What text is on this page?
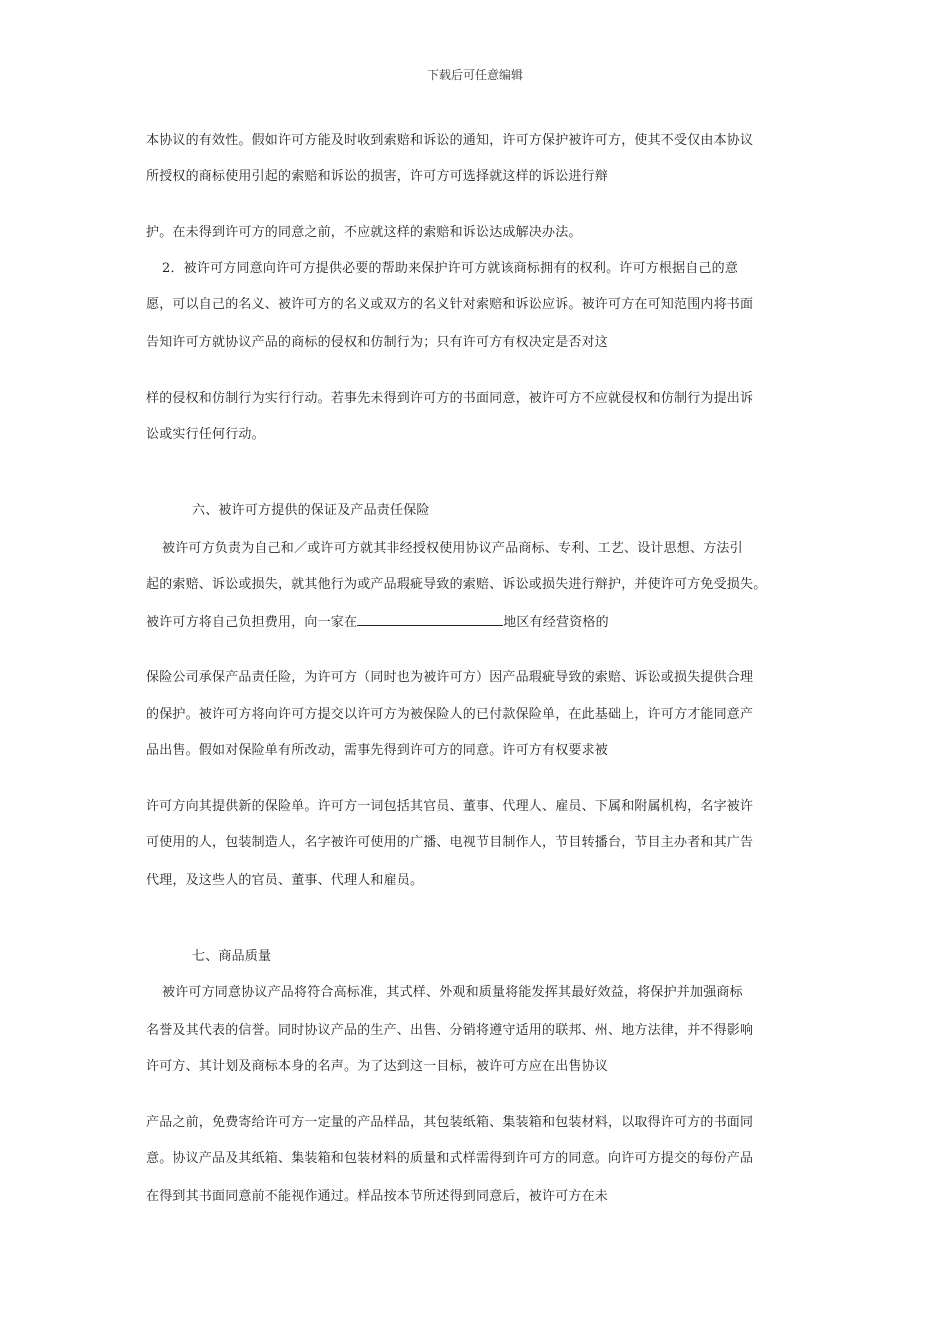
下载后可任意编辑
本协议的有效性。假如许可方能及时收到索赔和诉讼的通知，许可方保护被许可方，使其不受仅由本协议
所授权的商标使用引起的索赔和诉讼的损害，许可方可选择就这样的诉讼进行辩
护。在未得到许可方的同意之前，不应就这样的索赔和诉讼达成解决办法。
2．被许可方同意向许可方提供必要的帮助来保护许可方就该商标拥有的权利。许可方根据自己的意
愿，可以自己的名义、被许可方的名义或双方的名义针对索赔和诉讼应诉。被许可方在可知范围内将书面
告知许可方就协议产品的商标的侵权和仿制行为；只有许可方有权决定是否对这
样的侵权和仿制行为实行行动。若事先未得到许可方的书面同意，被许可方不应就侵权和仿制行为提出诉
讼或实行任何行动。
六、被许可方提供的保证及产品责任保险
被许可方负责为自己和／或许可方就其非经授权使用协议产品商标、专利、工艺、设计思想、方法引
起的索赔、诉讼或损失，就其他行为或产品瑕疵导致的索赔、诉讼或损失进行辩护，并使许可方免受损失。
被许可方将自己负担费用，向一家在	地区有经营资格的
保险公司承保产品责任险，为许可方（同时也为被许可方）因产品瑕疵导致的索赔、诉讼或损失提供合理
的保护。被许可方将向许可方提交以许可方为被保险人的已付款保险单，在此基础上，许可方才能同意产
品出售。假如对保险单有所改动，需事先得到许可方的同意。许可方有权要求被
许可方向其提供新的保险单。许可方一词包括其官员、董事、代理人、雇员、下属和附属机构，名字被许
可使用的人，包装制造人，名字被许可使用的广播、电视节目制作人，节目转播台，节目主办者和其广告
代理，及这些人的官员、董事、代理人和雇员。
七、商品质量
被许可方同意协议产品将符合高标准，其式样、外观和质量将能发挥其最好效益，将保护并加强商标
名誉及其代表的信誉。同时协议产品的生产、出售、分销将遵守适用的联邦、州、地方法律，并不得影响
许可方、其计划及商标本身的名声。为了达到这一目标，被许可方应在出售协议
产品之前，免费寄给许可方一定量的产品样品，其包装纸箱、集装箱和包装材料，以取得许可方的书面同
意。协议产品及其纸箱、集装箱和包装材料的质量和式样需得到许可方的同意。向许可方提交的每份产品
在得到其书面同意前不能视作通过。样品按本节所述得到同意后，被许可方在未
